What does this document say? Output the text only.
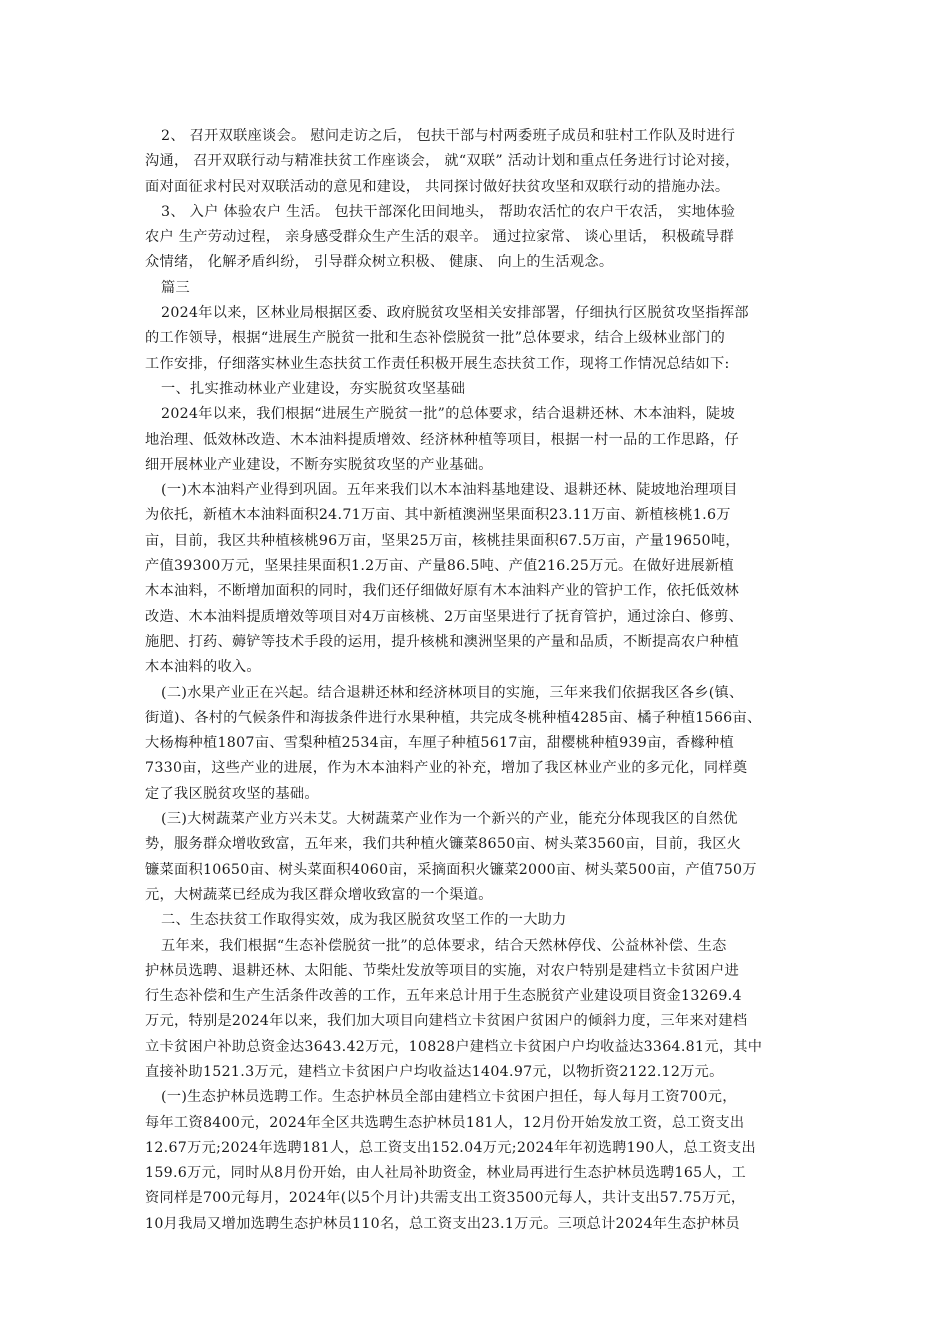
2、 召开双联座谈会。 慰问走访之后， 包扶干部与村两委班子成员和驻村工作队及时进行
沟通， 召开双联行动与精准扶贫工作座谈会， 就“双联” 活动计划和重点任务进行讨论对接，
面对面征求村民对双联活动的意见和建设， 共同探讨做好扶贫攻坚和双联行动的措施办法。
3、 入户 体验农户 生活。 包扶干部深化田间地头， 帮助农活忙的农户干农活， 实地体验
农户 生产劳动过程， 亲身感受群众生产生活的艰辛。 通过拉家常、 谈心里话， 积极疏导群
众情绪， 化解矛盾纠纷， 引导群众树立积极、 健康、 向上的生活观念。
篇三
2024年以来，区林业局根据区委、政府脱贫攻坚相关安排部署，仔细执行区脱贫攻坚指挥部
的工作领导，根据“进展生产脱贫一批和生态补偿脱贫一批”总体要求，结合上级林业部门的
工作安排，仔细落实林业生态扶贫工作责任积极开展生态扶贫工作，现将工作情况总结如下:
一、扎实推动林业产业建设，夯实脱贫攻坚基础
2024年以来，我们根据“进展生产脱贫一批”的总体要求，结合退耕还林、木本油料，陡坡
地治理、低效林改造、木本油料提质增效、经济林种植等项目，根据一村一品的工作思路，仔
细开展林业产业建设，不断夯实脱贫攻坚的产业基础。
(一)木本油料产业得到巩固。五年来我们以木本油料基地建设、退耕还林、陡坡地治理项目
为依托，新植木本油料面积24.71万亩、其中新植澳洲坚果面积23.11万亩、新植核桃1.6万
亩，目前，我区共种植核桃96万亩，坚果25万亩，核桃挂果面积67.5万亩，产量19650吨，
产值39300万元，坚果挂果面积1.2万亩、产量86.5吨、产值216.25万元。在做好进展新植
木本油料，不断增加面积的同时，我们还仔细做好原有木本油料产业的管护工作，依托低效林
改造、木本油料提质增效等项目对4万亩核桃、2万亩坚果进行了抚育管护，通过涂白、修剪、
施肥、打药、薅铲等技术手段的运用，提升核桃和澳洲坚果的产量和品质，不断提高农户种植
木本油料的收入。
(二)水果产业正在兴起。结合退耕还林和经济林项目的实施，三年来我们依据我区各乡(镇、
街道)、各村的气候条件和海拔条件进行水果种植，共完成冬桃种植4285亩、橘子种植1566亩、
大杨梅种植1807亩、雪梨种植2534亩，车厘子种植5617亩，甜樱桃种植939亩，香橼种植
7330亩，这些产业的进展，作为木本油料产业的补充，增加了我区林业产业的多元化，同样奠
定了我区脱贫攻坚的基础。
(三)大树蔬菜产业方兴未艾。大树蔬菜产业作为一个新兴的产业，能充分体现我区的自然优
势，服务群众增收致富，五年来，我们共种植火镰菜8650亩、树头菜3560亩，目前，我区火
镰菜面积10650亩、树头菜面积4060亩，采摘面积火镰菜2000亩、树头菜500亩，产值750万
元，大树蔬菜已经成为我区群众增收致富的一个渠道。
二、生态扶贫工作取得实效，成为我区脱贫攻坚工作的一大助力
五年来，我们根据“生态补偿脱贫一批”的总体要求，结合天然林停伐、公益林补偿、生态
护林员选聘、退耕还林、太阳能、节柴灶发放等项目的实施，对农户特别是建档立卡贫困户进
行生态补偿和生产生活条件改善的工作，五年来总计用于生态脱贫产业建设项目资金13269.4
万元，特别是2024年以来，我们加大项目向建档立卡贫困户贫困户的倾斜力度，三年来对建档
立卡贫困户补助总资金达3643.42万元，10828户建档立卡贫困户户均收益达3364.81元，其中
直接补助1521.3万元，建档立卡贫困户户均收益达1404.97元，以物折资2122.12万元。
(一)生态护林员选聘工作。生态护林员全部由建档立卡贫困户担任，每人每月工资700元，
每年工资8400元，2024年全区共选聘生态护林员181人，12月份开始发放工资，总工资支出
12.67万元;2024年选聘181人，总工资支出152.04万元;2024年年初选聘190人，总工资支出
159.6万元，同时从8月份开始，由人社局补助资金，林业局再进行生态护林员选聘165人，工
资同样是700元每月，2024年(以5个月计)共需支出工资3500元每人，共计支出57.75万元，
10月我局又增加选聘生态护林员110名，总工资支出23.1万元。三项总计2024年生态护林员
